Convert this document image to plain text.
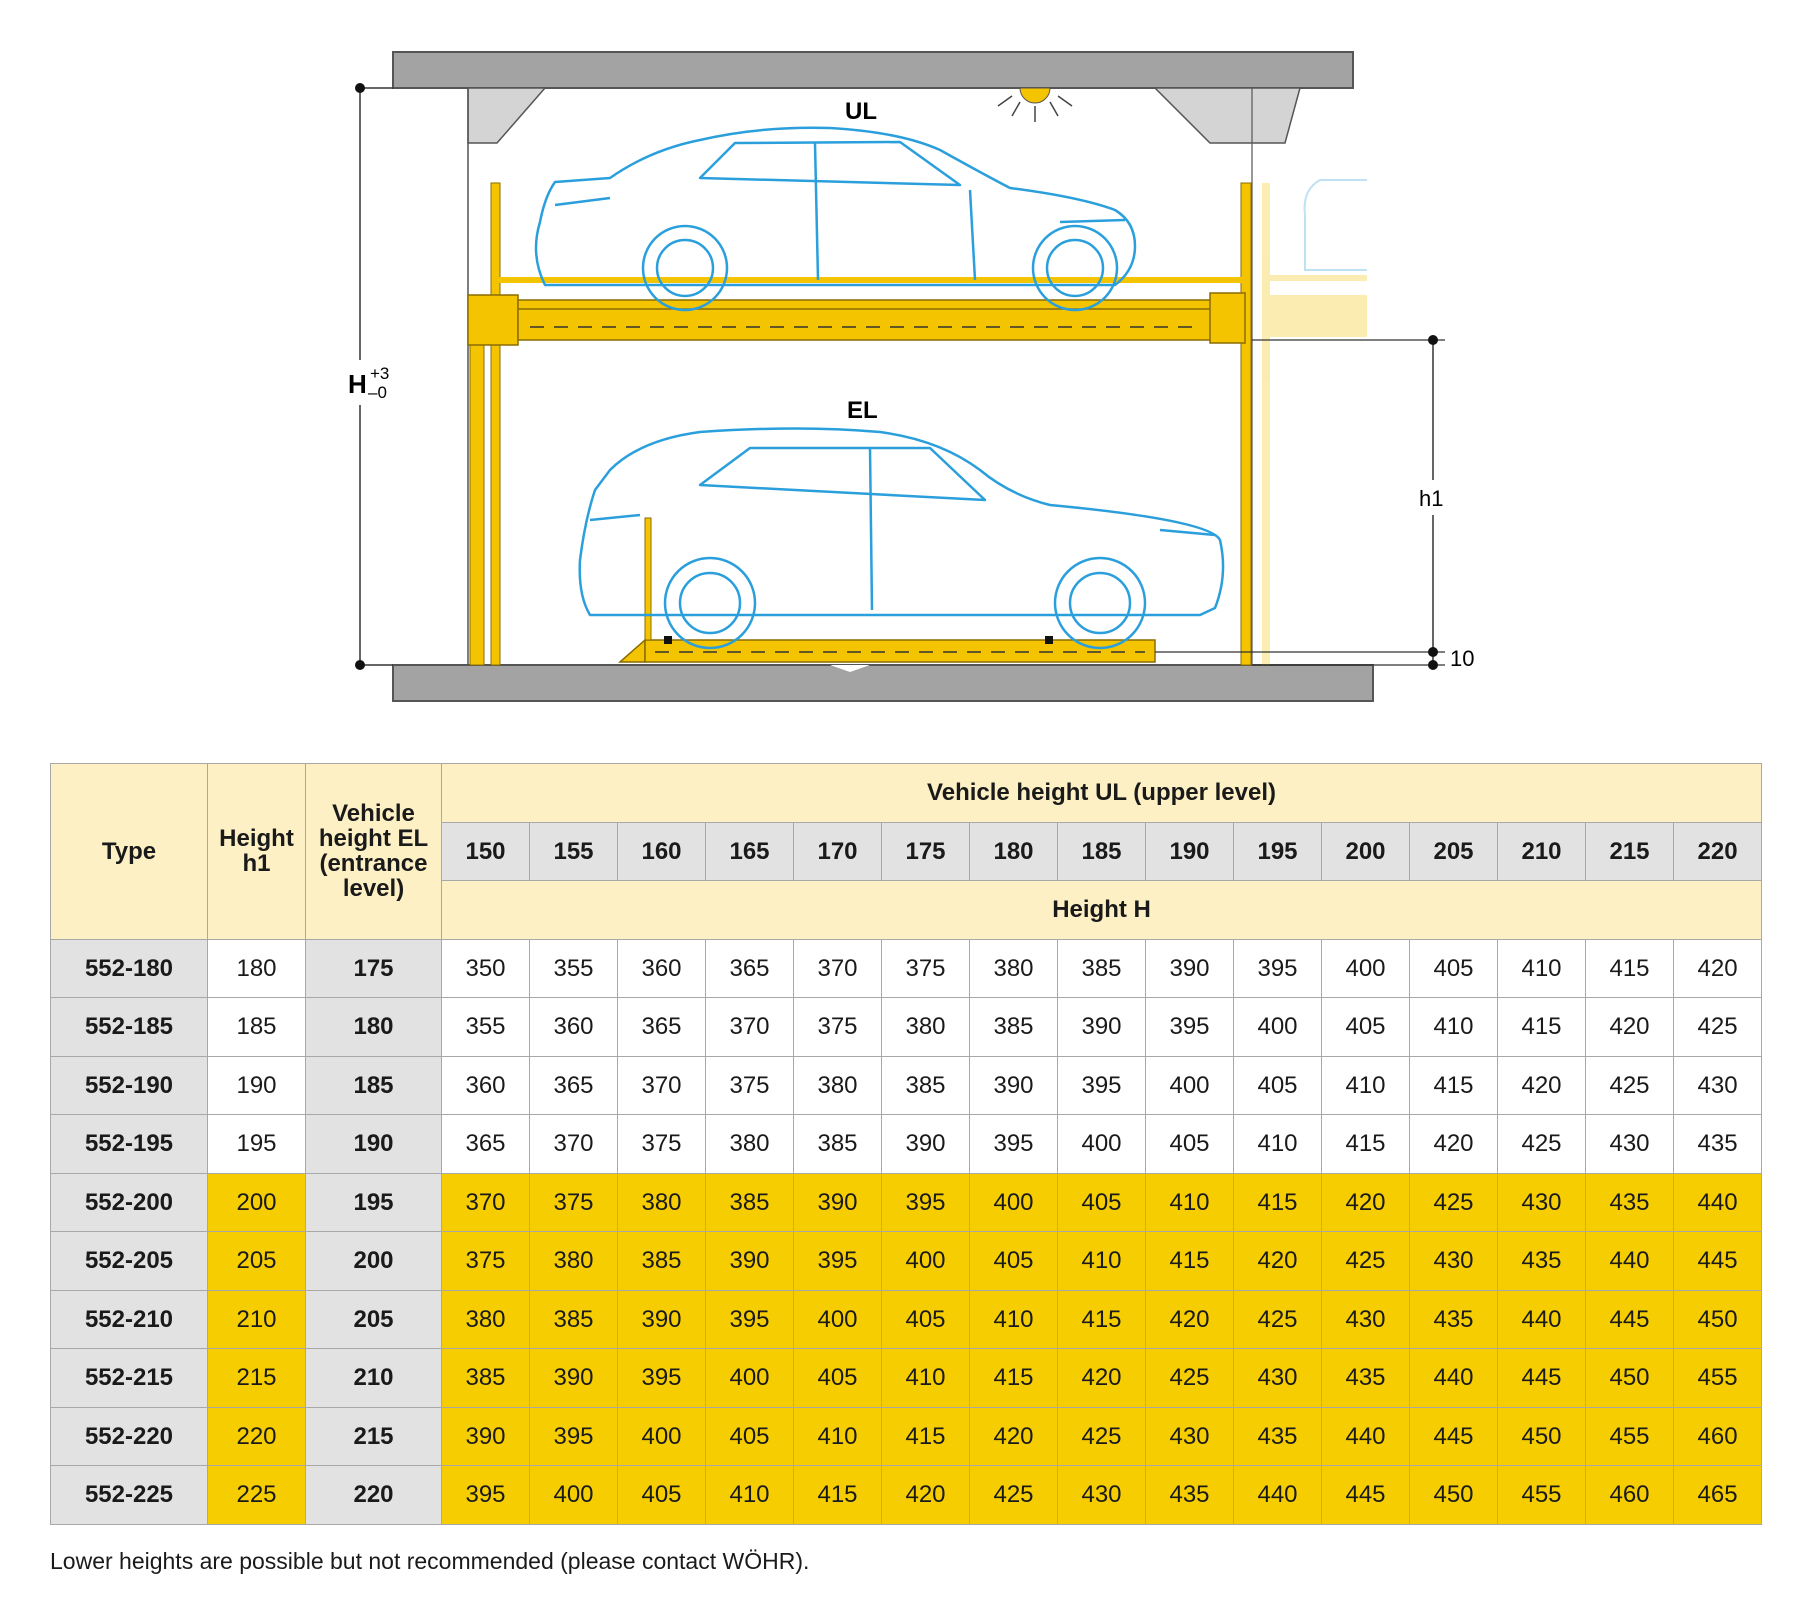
H +3
–0
h1
10
UL
EL
Type	Height h1	Vehicle height EL (entrance level)	Vehicle height UL (upper level)														
			150	155	160	165	170	175	180	185	190	195	200	205	210	215	220
			Height H														
552-180	180	175	350	355	360	365	370	375	380	385	390	395	400	405	410	415	420
552-185	185	180	355	360	365	370	375	380	385	390	395	400	405	410	415	420	425
552-190	190	185	360	365	370	375	380	385	390	395	400	405	410	415	420	425	430
552-195	195	190	365	370	375	380	385	390	395	400	405	410	415	420	425	430	435
552-200	200	195	370	375	380	385	390	395	400	405	410	415	420	425	430	435	440
552-205	205	200	375	380	385	390	395	400	405	410	415	420	425	430	435	440	445
552-210	210	205	380	385	390	395	400	405	410	415	420	425	430	435	440	445	450
552-215	215	210	385	390	395	400	405	410	415	420	425	430	435	440	445	450	455
552-220	220	215	390	395	400	405	410	415	420	425	430	435	440	445	450	455	460
552-225	225	220	395	400	405	410	415	420	425	430	435	440	445	450	455	460	465
Lower heights are possible but not recommended (please contact WÖHR).
